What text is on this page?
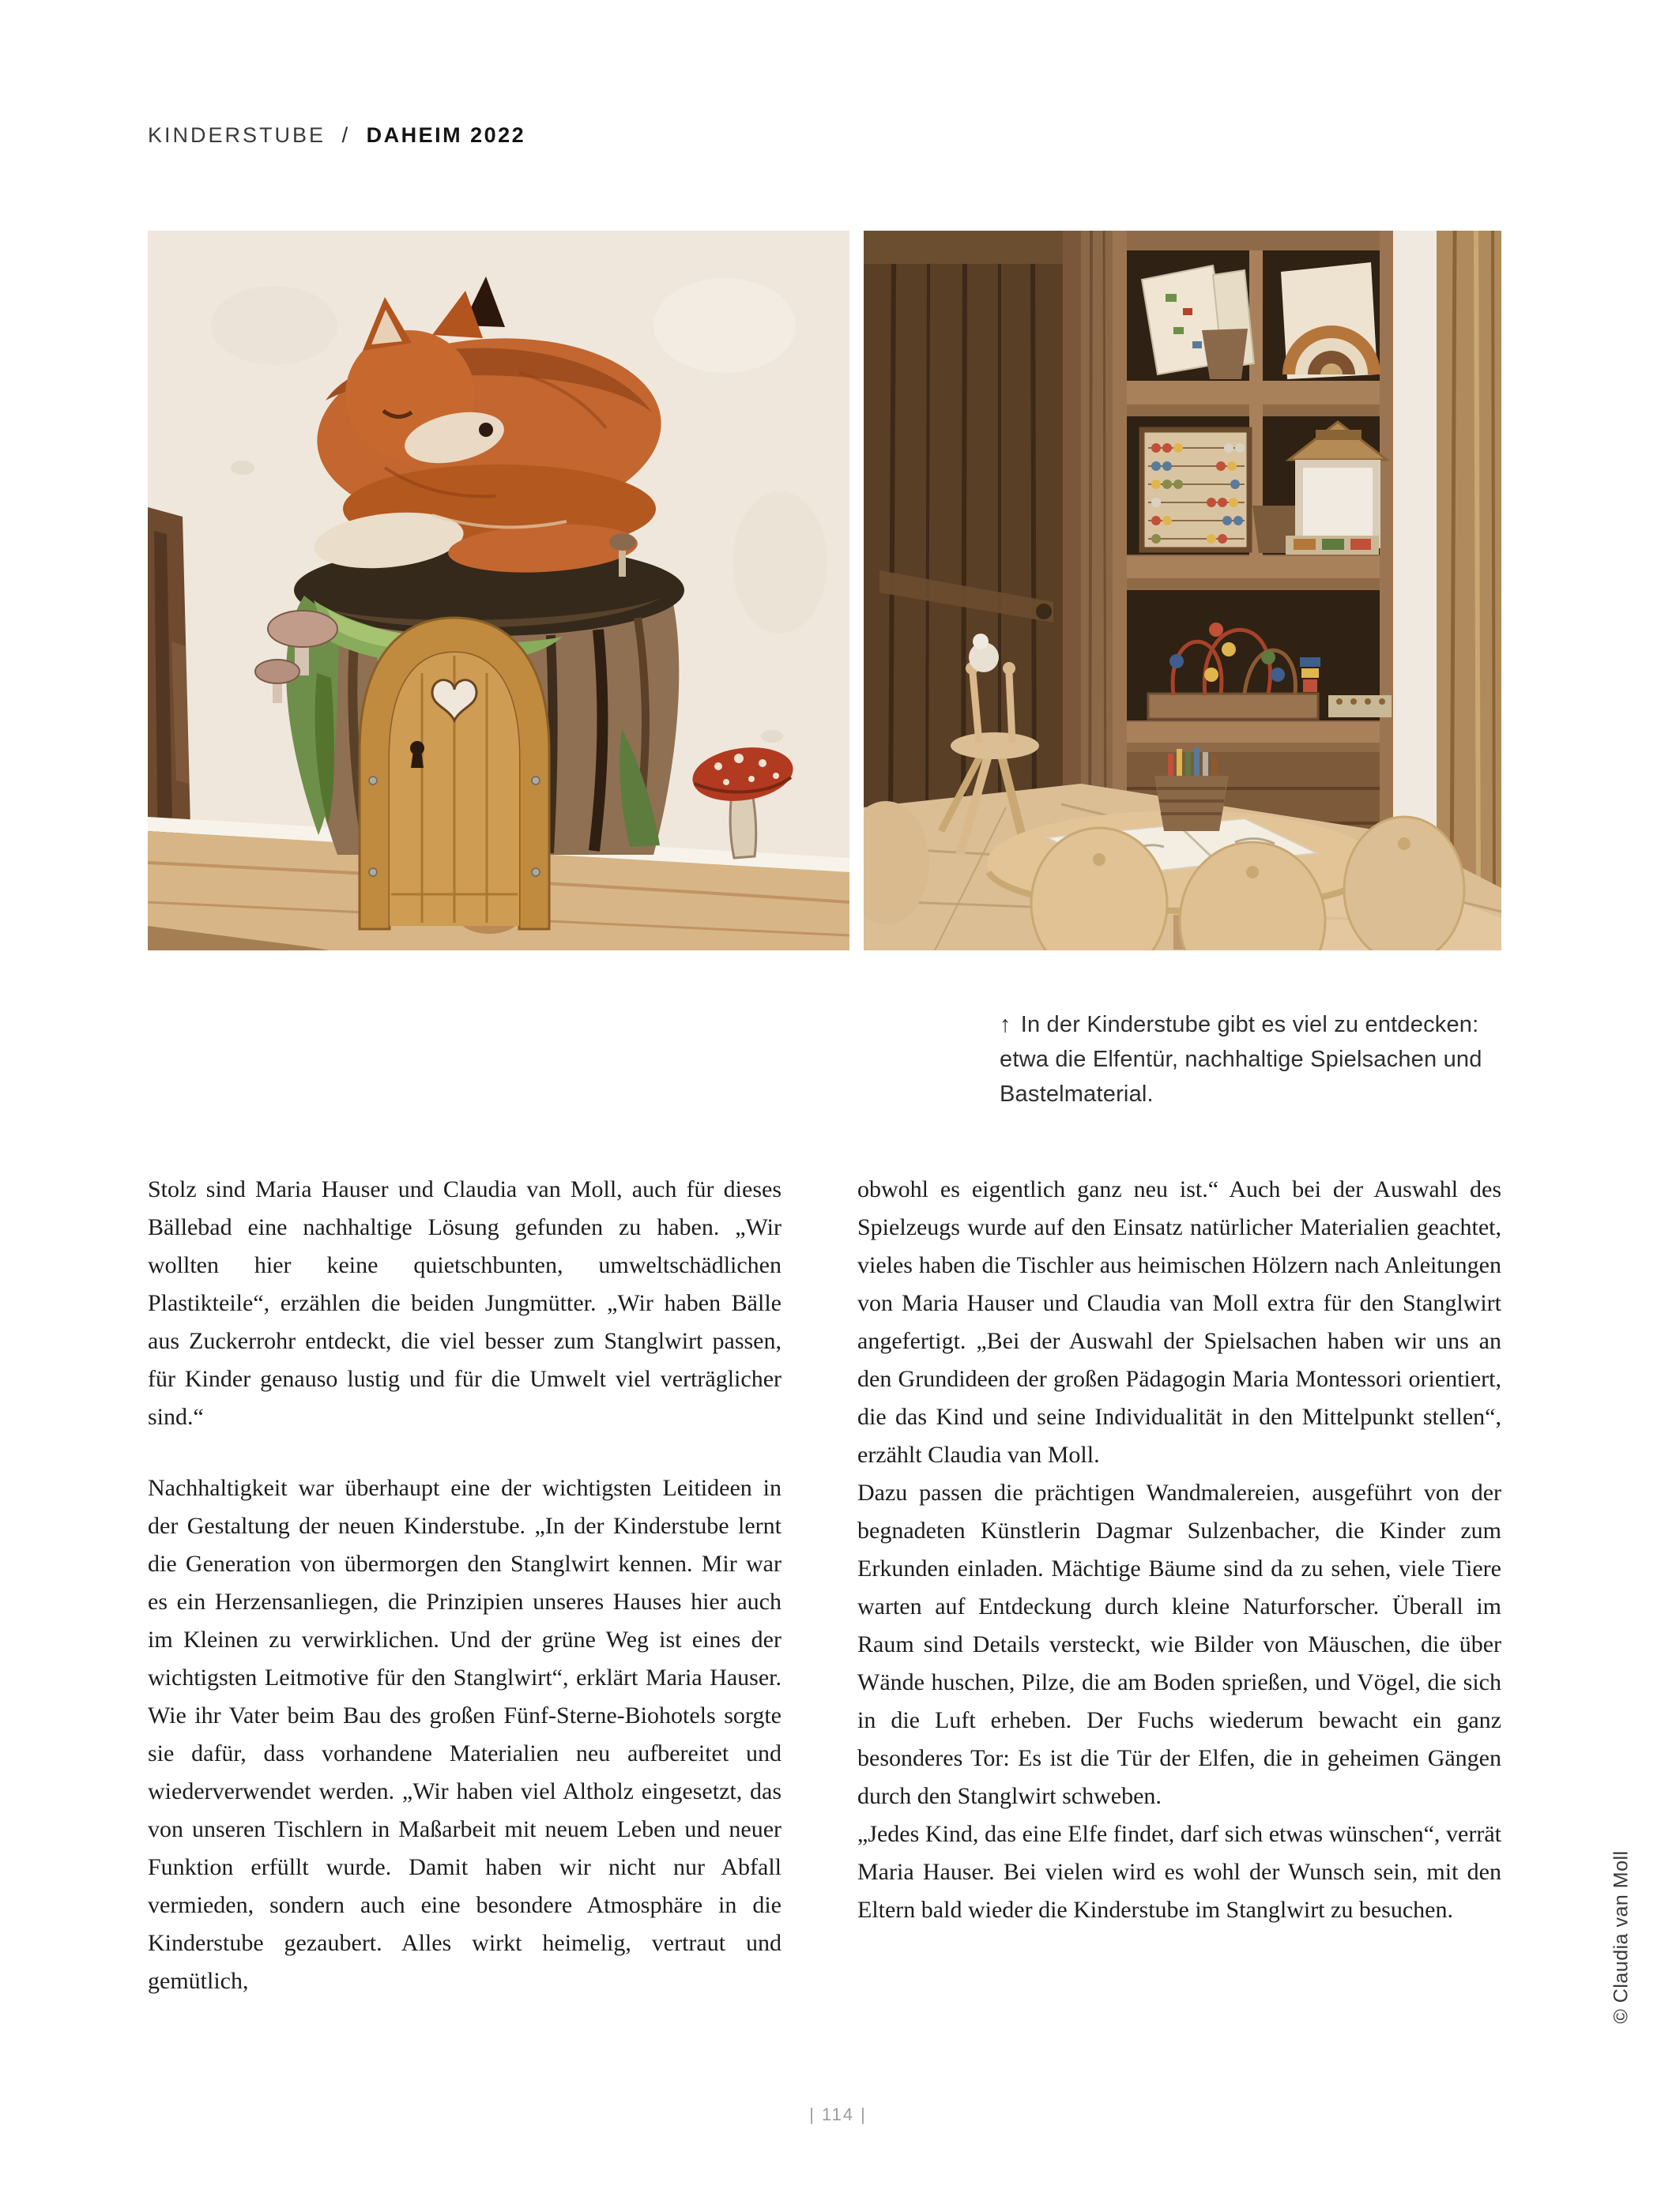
KINDERSTUBE / DAHEIM 2022

↑ In der Kinderstube gibt es viel zu entdecken: etwa die Elfentür, nachhaltige Spielsachen und Bastelmaterial.

Stolz sind Maria Hauser und Claudia van Moll, auch für dieses Bällebad eine nachhaltige Lösung gefunden zu haben. „Wir wollten hier keine quietschbunten, umweltschädlichen Plastikteile“, erzählen die beiden Jungmütter. „Wir haben Bälle aus Zuckerrohr entdeckt, die viel besser zum Stanglwirt passen, für Kinder genauso lustig und für die Umwelt viel verträglicher sind.“

Nachhaltigkeit war überhaupt eine der wichtigsten Leitideen in der Gestaltung der neuen Kinderstube. „In der Kinderstube lernt die Generation von übermorgen den Stanglwirt kennen. Mir war es ein Herzensanliegen, die Prinzipien unseres Hauses hier auch im Kleinen zu verwirklichen. Und der grüne Weg ist eines der wichtigsten Leitmotive für den Stanglwirt“, erklärt Maria Hauser. Wie ihr Vater beim Bau des großen Fünf-Sterne-Biohotels sorgte sie dafür, dass vorhandene Materialien neu aufbereitet und wiederverwendet werden. „Wir haben viel Altholz eingesetzt, das von unseren Tischlern in Maßarbeit mit neuem Leben und neuer Funktion erfüllt wurde. Damit haben wir nicht nur Abfall vermieden, sondern auch eine besondere Atmosphäre in die Kinderstube gezaubert. Alles wirkt heimelig, vertraut und gemütlich,

obwohl es eigentlich ganz neu ist.“ Auch bei der Auswahl des Spielzeugs wurde auf den Einsatz natürlicher Materialien geachtet, vieles haben die Tischler aus heimischen Hölzern nach Anleitungen von Maria Hauser und Claudia van Moll extra für den Stanglwirt angefertigt. „Bei der Auswahl der Spielsachen haben wir uns an den Grundideen der großen Pädagogin Maria Montessori orientiert, die das Kind und seine Individualität in den Mittelpunkt stellen“, erzählt Claudia van Moll.

Dazu passen die prächtigen Wandmalereien, ausgeführt von der begnadeten Künstlerin Dagmar Sulzenbacher, die Kinder zum Erkunden einladen. Mächtige Bäume sind da zu sehen, viele Tiere warten auf Entdeckung durch kleine Naturforscher. Überall im Raum sind Details versteckt, wie Bilder von Mäuschen, die über Wände huschen, Pilze, die am Boden sprießen, und Vögel, die sich in die Luft erheben. Der Fuchs wiederum bewacht ein ganz besonderes Tor: Es ist die Tür der Elfen, die in geheimen Gängen durch den Stanglwirt schweben.

„Jedes Kind, das eine Elfe findet, darf sich etwas wünschen“, verrät Maria Hauser. Bei vielen wird es wohl der Wunsch sein, mit den Eltern bald wieder die Kinderstube im Stanglwirt zu besuchen.	© Claudia van Moll
| 114 |
